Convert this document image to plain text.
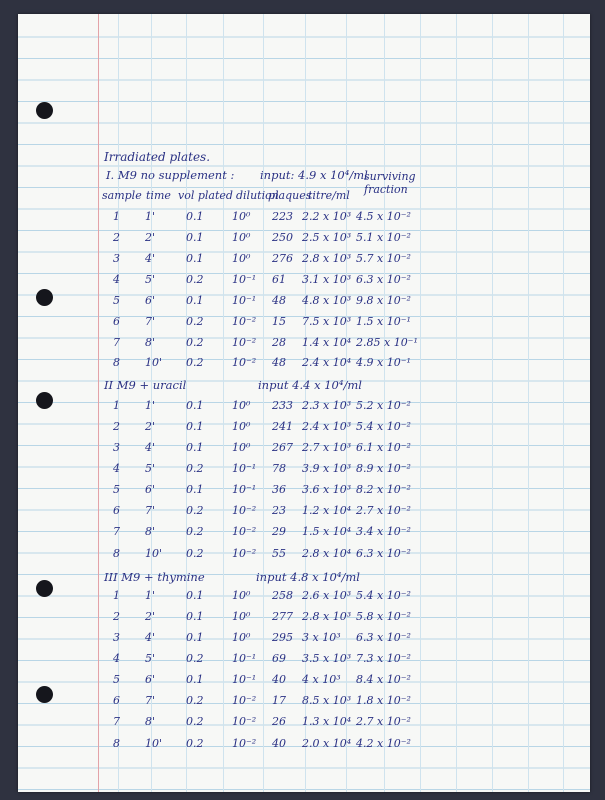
Irradiated plates.
I. M9 no supplement : input: 4.9 x 10⁴/ml
sample time vol plated dilution
plaques
titre/ml
surviving fraction
1 1'	0.1	10⁰ 223 2.2 x 10³ 4.5 x 10⁻²
2 2'	0.1	10⁰ 250 2.5 x 10³ 5.1 x 10⁻²
3 4'	0.1	10⁰ 276 2.8 x 10³ 5.7 x 10⁻²
4 5'	0.2	10⁻¹ 61 3.1 x 10³ 6.3 x 10⁻²
5 6'	0.1	10⁻¹ 48 4.8 x 10³ 9.8 x 10⁻²
6 7'	0.2	10⁻² 15 7.5 x 10³ 1.5 x 10⁻¹
7 8'	0.2	10⁻² 28 1.4 x 10⁴ 2.85 x 10⁻¹
8 10' 0.2	10⁻² 48 2.4 x 10⁴ 4.9 x 10⁻¹
II M9 + uracil	input 4.4 x 10⁴/ml
1 1'	0.1	10⁰ 233 2.3 x 10³ 5.2 x 10⁻²
2 2'	0.1	10⁰ 241 2.4 x 10³ 5.4 x 10⁻²
3 4'	0.1	10⁰ 267 2.7 x 10³ 6.1 x 10⁻²
4 5'	0.2	10⁻¹ 78 3.9 x 10³ 8.9 x 10⁻²
5 6'	0.1	10⁻¹ 36 3.6 x 10³ 8.2 x 10⁻²
6 7'	0.2	10⁻² 23 1.2 x 10⁴ 2.7 x 10⁻²
7 8'	0.2	10⁻² 29 1.5 x 10⁴ 3.4 x 10⁻²
8 10' 0.2	10⁻² 55 2.8 x 10⁴ 6.3 x 10⁻²
III M9 + thymine	input 4.8 x 10⁴/ml
1 1'	0.1	10⁰ 258 2.6 x 10³ 5.4 x 10⁻²
2 2'	0.1	10⁰ 277 2.8 x 10³ 5.8 x 10⁻²
3 4'	0.1	10⁰ 295 3 x 10³ 6.3 x 10⁻²
4 5'	0.2	10⁻¹ 69 3.5 x 10³ 7.3 x 10⁻²
5 6'	0.1	10⁻¹ 40 4 x 10³ 8.4 x 10⁻²
6 7'	0.2	10⁻² 17 8.5 x 10³ 1.8 x 10⁻²
7 8'	0.2	10⁻² 26 1.3 x 10⁴ 2.7 x 10⁻²
8 10' 0.2	10⁻² 40 2.0 x 10⁴ 4.2 x 10⁻²
